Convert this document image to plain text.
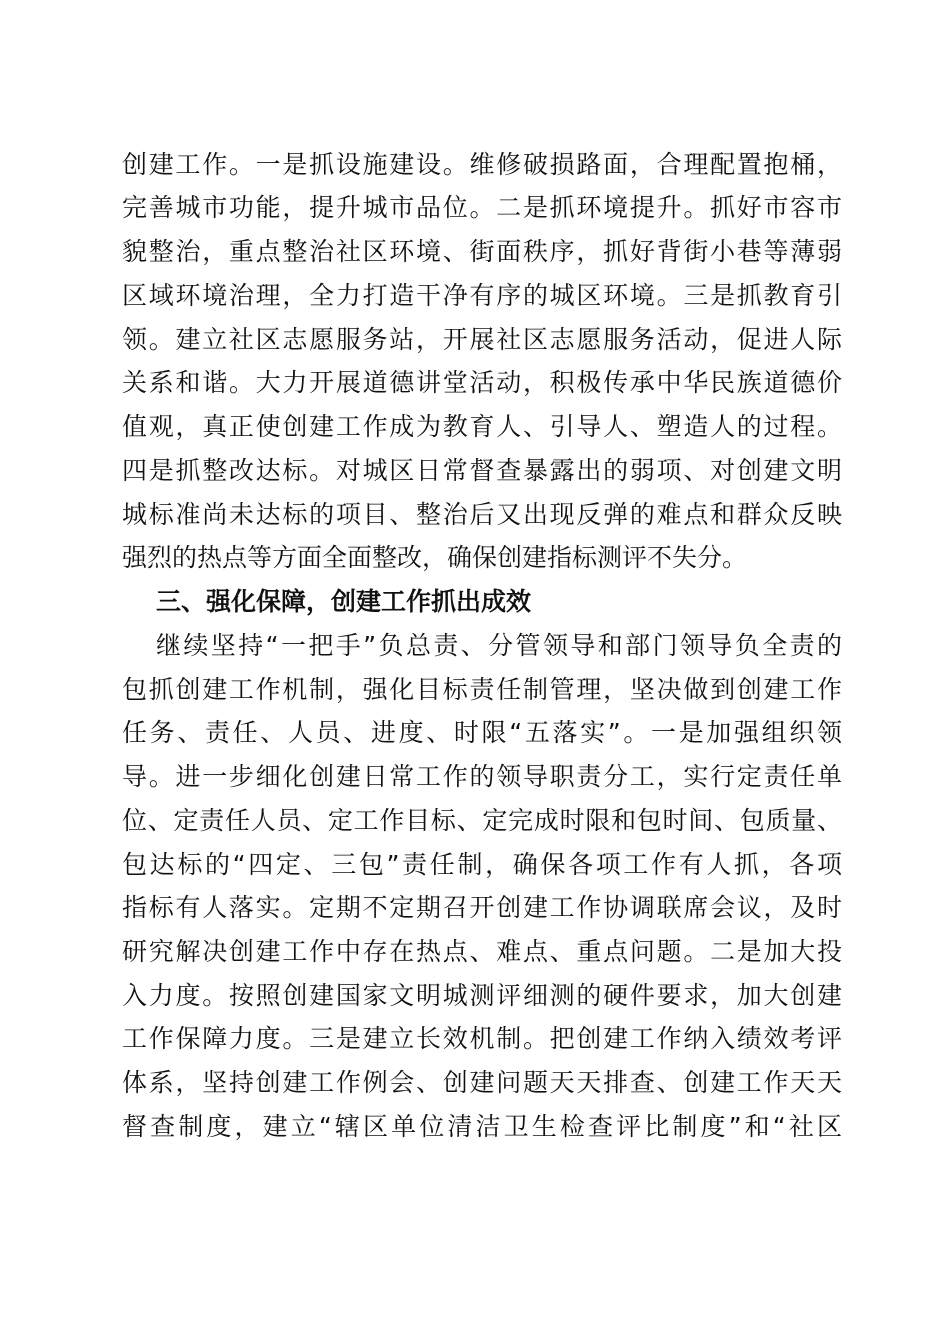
创建工作。一是抓设施建设。维修破损路面，合理配置抱桶，
完善城市功能，提升城市品位。二是抓环境提升。抓好市容市
貌整治，重点整治社区环境、街面秩序，抓好背街小巷等薄弱
区域环境治理，全力打造干净有序的城区环境。三是抓教育引
领。建立社区志愿服务站，开展社区志愿服务活动，促进人际
关系和谐。大力开展道德讲堂活动，积极传承中华民族道德价
值观，真正使创建工作成为教育人、引导人、塑造人的过程。
四是抓整改达标。对城区日常督查暴露出的弱项、对创建文明
城标准尚未达标的项目、整治后又出现反弹的难点和群众反映
强烈的热点等方面全面整改，确保创建指标测评不失分。
三、强化保障，创建工作抓出成效
继续坚持“一把手”负总责、分管领导和部门领导负全责的
包抓创建工作机制，强化目标责任制管理，坚决做到创建工作
任务、责任、人员、进度、时限“五落实”。一是加强组织领
导。进一步细化创建日常工作的领导职责分工，实行定责任单
位、定责任人员、定工作目标、定完成时限和包时间、包质量、
包达标的“四定、三包”责任制，确保各项工作有人抓，各项
指标有人落实。定期不定期召开创建工作协调联席会议，及时
研究解决创建工作中存在热点、难点、重点问题。二是加大投
入力度。按照创建国家文明城测评细测的硬件要求，加大创建
工作保障力度。三是建立长效机制。把创建工作纳入绩效考评
体系，坚持创建工作例会、创建问题天天排查、创建工作天天
督查制度，建立“辖区单位清洁卫生检查评比制度”和“社区
